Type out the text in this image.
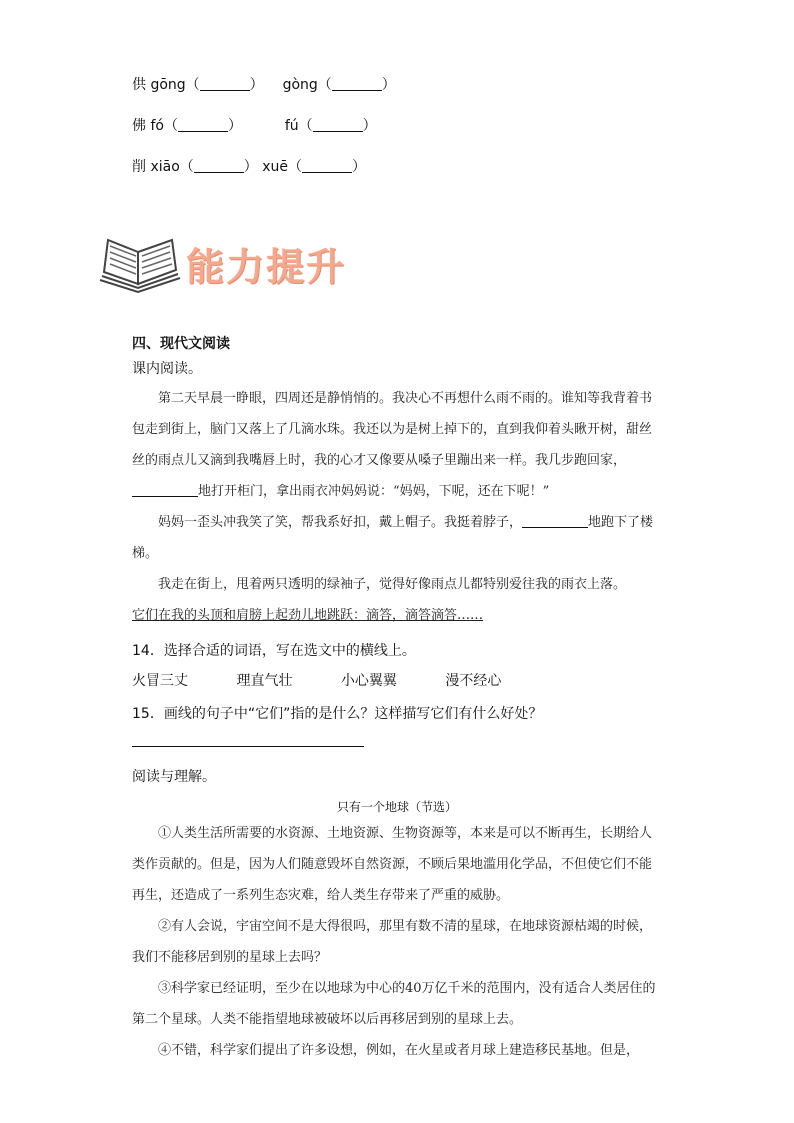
供 gōng（	） gòng（	）
佛 fó（	）	fú（	）
削 xiāo（	） xuē（	）
能力提升
四、现代文阅读
课内阅读。

第二天早晨一睁眼，四周还是静悄悄的。我决心不再想什么雨不雨的。谁知等我背着书包走到街上，脑门又落上了几滴水珠。我还以为是树上掉下的，直到我仰着头瞅开树，甜丝丝的雨点儿又滴到我嘴唇上时，我的心才又像要从嗓子里蹦出来一样。我几步跑回家，地打开柜门，拿出雨衣冲妈妈说：“妈妈，下呢，还在下呢！”

妈妈一歪头冲我笑了笑，帮我系好扣，戴上帽子。我挺着脖子，	地跑下了楼梯。

我走在街上，甩着两只透明的绿袖子，觉得好像雨点儿都特别爱往我的雨衣上落。

它们在我的头顶和肩膀上起劲儿地跳跃：滴答，滴答滴答……
14．选择合适的词语，写在选文中的横线上。
火冒三丈	理直气壮	小心翼翼	漫不经心
15．画线的句子中“它们”指的是什么？这样描写它们有什么好处？
阅读与理解。
只有一个地球（节选）

①人类生活所需要的水资源、土地资源、生物资源等，本来是可以不断再生，长期给人类作贡献的。但是，因为人们随意毁坏自然资源，不顾后果地滥用化学品，不但使它们不能再生，还造成了一系列生态灾难，给人类生存带来了严重的威胁。

②有人会说，宇宙空间不是大得很吗，那里有数不清的星球，在地球资源枯竭的时候，我们不能移居到别的星球上去吗？

③科学家已经证明，至少在以地球为中心的40万亿千米的范围内，没有适合人类居住的第二个星球。人类不能指望地球被破坏以后再移居到别的星球上去。

④不错，科学家们提出了许多设想，例如，在火星或者月球上建造移民基地。但是，
